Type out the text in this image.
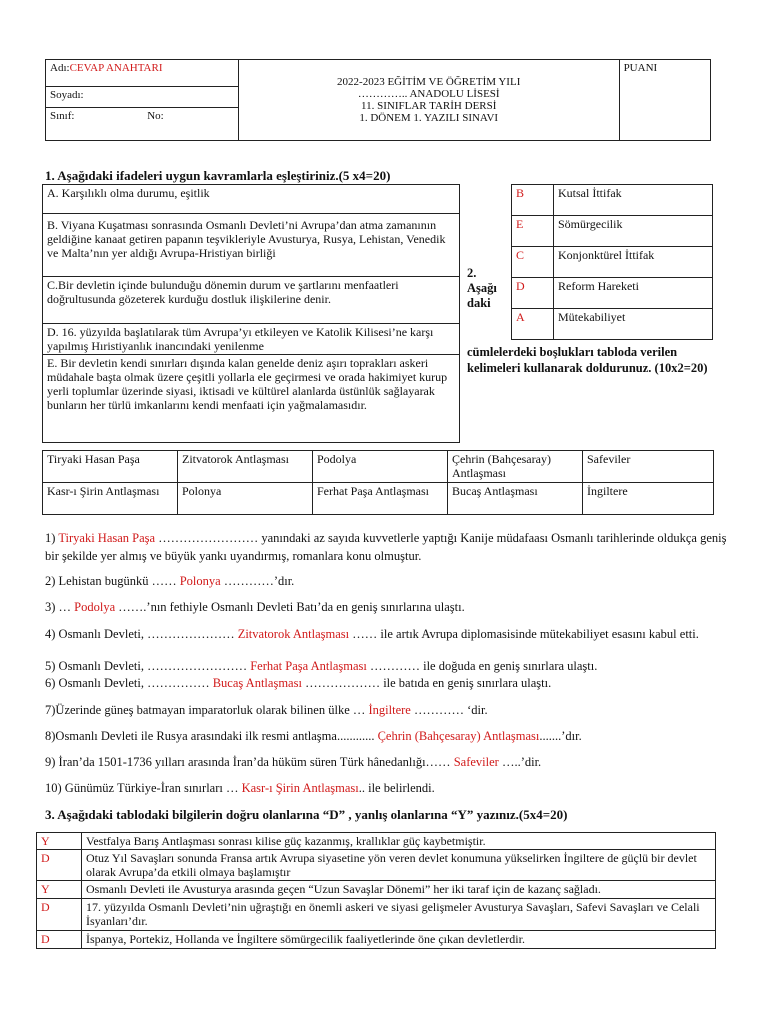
Adı:CEVAP ANAHTARI	
2022-2023 EĞİTİM VE ÖĞRETİM YILI
………….. ANADOLU LİSESİ
11. SINIFLAR TARİH DERSİ
1. DÖNEM 1. YAZILI SINAVI
	PUANI
Soyadı:
Sınıf:	No:
1. Aşağıdaki ifadeleri uygun kavramlarla eşleştiriniz.(5 x4=20)
A. Karşılıklı olma durumu, eşitlik
B. Viyana Kuşatması sonrasında Osmanlı Devleti’ni Avrupa’dan atma zamanının geldiğine kanaat getiren papanın teşvikleriyle Avusturya, Rusya, Lehistan, Venedik ve Malta’nın yer aldığı Avrupa-Hristiyan birliği
C.Bir devletin içinde bulunduğu dönemin durum ve şartlarını menfaatleri doğrultusunda gözeterek kurduğu dostluk ilişkilerine denir.
D. 16. yüzyılda başlatılarak tüm Avrupa’yı etkileyen ve Katolik Kilisesi’ne karşı yapılmış Hıristiyanlık inancındaki yenilenme
E. Bir devletin kendi sınırları dışında kalan genelde deniz aşırı toprakları askeri müdahale başta olmak üzere çeşitli yollarla ele geçirmesi ve orada hakimiyet kurup yerli toplumlar üzerinde siyasi, iktisadi ve kültürel alanlarda üstünlük sağlayarak bunların her türlü imkanlarını kendi menfaati için yağmalamasıdır.
B	Kutsal İttifak
E	Sömürgecilik
C	Konjonktürel İttifak
D	Reform Hareketi
A	Mütekabiliyet
2.
Aşağı
daki
cümlelerdeki boşlukları tabloda verilen kelimeleri kullanarak doldurunuz. (10x2=20)
Tiryaki Hasan Paşa	Zitvatorok Antlaşması	Podolya	Çehrin (Bahçesaray) Antlaşması	Safeviler
Kasr-ı Şirin Antlaşması	Polonya	Ferhat Paşa Antlaşması	Bucaş Antlaşması	İngiltere
1) Tiryaki Hasan Paşa …………………… yanındaki az sayıda kuvvetlerle yaptığı Kanije müdafaası Osmanlı tarihlerinde oldukça geniş bir şekilde yer almış ve büyük yankı uyandırmış, romanlara konu olmuştur.
2) Lehistan bugünkü …… Polonya …………’dır.
3) … Podolya …….’nın fethiyle Osmanlı Devleti Batı’da en geniş sınırlarına ulaştı.
4) Osmanlı Devleti, ………………… Zitvatorok Antlaşması …… ile artık Avrupa diplomasisinde mütekabiliyet esasını kabul etti.
5) Osmanlı Devleti, …………………… Ferhat Paşa Antlaşması ………… ile doğuda en geniş sınırlara ulaştı.
6) Osmanlı Devleti, …………… Bucaş Antlaşması ……………… ile batıda en geniş sınırlara ulaştı.
7)Üzerinde güneş batmayan imparatorluk olarak bilinen ülke … İngiltere ………… ‘dir.
8)Osmanlı Devleti ile Rusya arasındaki ilk resmi antlaşma............ Çehrin (Bahçesaray) Antlaşması.......’dır.
9) İran’da 1501-1736 yılları arasında İran’da hüküm süren Türk hânedanlığı…… Safeviler …..’dir.
10) Günümüz Türkiye-İran sınırları … Kasr-ı Şirin Antlaşması.. ile belirlendi.
3. Aşağıdaki tablodaki bilgilerin doğru olanlarına “D” , yanlış olanlarına “Y” yazınız.(5x4=20)
Y	Vestfalya Barış Antlaşması sonrası kilise güç kazanmış, krallıklar güç kaybetmiştir.
D	Otuz Yıl Savaşları sonunda Fransa artık Avrupa siyasetine yön veren devlet konumuna yükselirken İngiltere de güçlü bir devlet olarak Avrupa’da etkili olmaya başlamıştır
Y	Osmanlı Devleti ile Avusturya arasında geçen “Uzun Savaşlar Dönemi” her iki taraf için de kazanç sağladı.
D	17. yüzyılda Osmanlı Devleti’nin uğraştığı en önemli askeri ve siyasi gelişmeler Avusturya Savaşları, Safevi Savaşları ve Celali İsyanları’dır.
D	İspanya, Portekiz, Hollanda ve İngiltere sömürgecilik faaliyetlerinde öne çıkan devletlerdir.
